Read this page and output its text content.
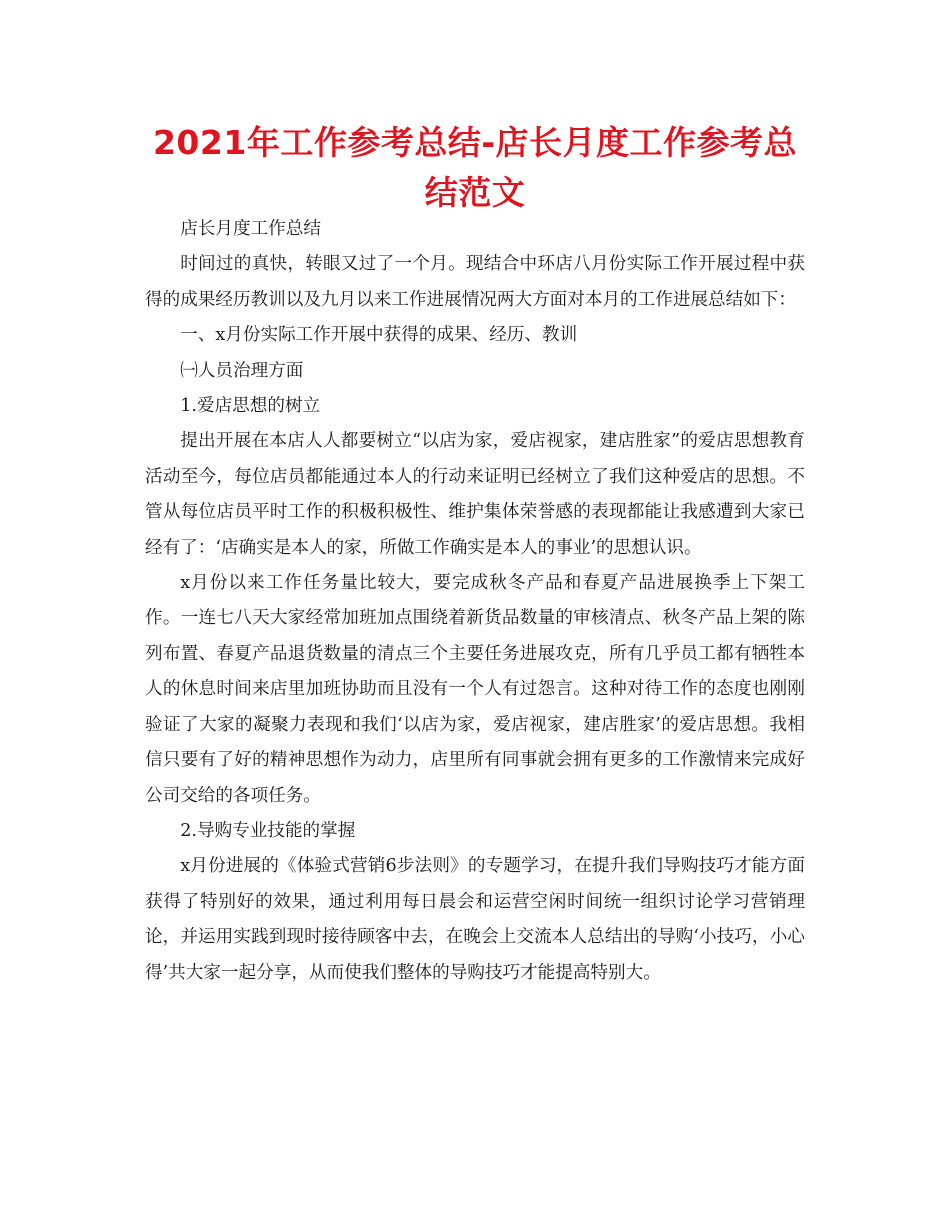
2021年工作参考总结-店长月度工作参考总结范文

店长月度工作总结

时间过的真快，转眼又过了一个月。现结合中环店八月份实际工作开展过程中获得的成果经历教训以及九月以来工作进展情况两大方面对本月的工作进展总结如下：

一、x月份实际工作开展中获得的成果、经历、教训

㈠人员治理方面

1.爱店思想的树立

提出开展在本店人人都要树立“以店为家，爱店视家，建店胜家”的爱店思想教育活动至今，每位店员都能通过本人的行动来证明已经树立了我们这种爱店的思想。不管从每位店员平时工作的积极积极性、维护集体荣誉感的表现都能让我感遭到大家已经有了：‘店确实是本人的家，所做工作确实是本人的事业’的思想认识。

x月份以来工作任务量比较大，要完成秋冬产品和春夏产品进展换季上下架工作。一连七八天大家经常加班加点围绕着新货品数量的审核清点、秋冬产品上架的陈列布置、春夏产品退货数量的清点三个主要任务进展攻克，所有几乎员工都有牺牲本人的休息时间来店里加班协助而且没有一个人有过怨言。这种对待工作的态度也刚刚验证了大家的凝聚力表现和我们‘以店为家，爱店视家，建店胜家’的爱店思想。我相信只要有了好的精神思想作为动力，店里所有同事就会拥有更多的工作激情来完成好公司交给的各项任务。

2.导购专业技能的掌握

x月份进展的《体验式营销6步法则》的专题学习，在提升我们导购技巧才能方面获得了特别好的效果，通过利用每日晨会和运营空闲时间统一组织讨论学习营销理论，并运用实践到现时接待顾客中去，在晚会上交流本人总结出的导购‘小技巧，小心得’共大家一起分享，从而使我们整体的导购技巧才能提高特别大。
